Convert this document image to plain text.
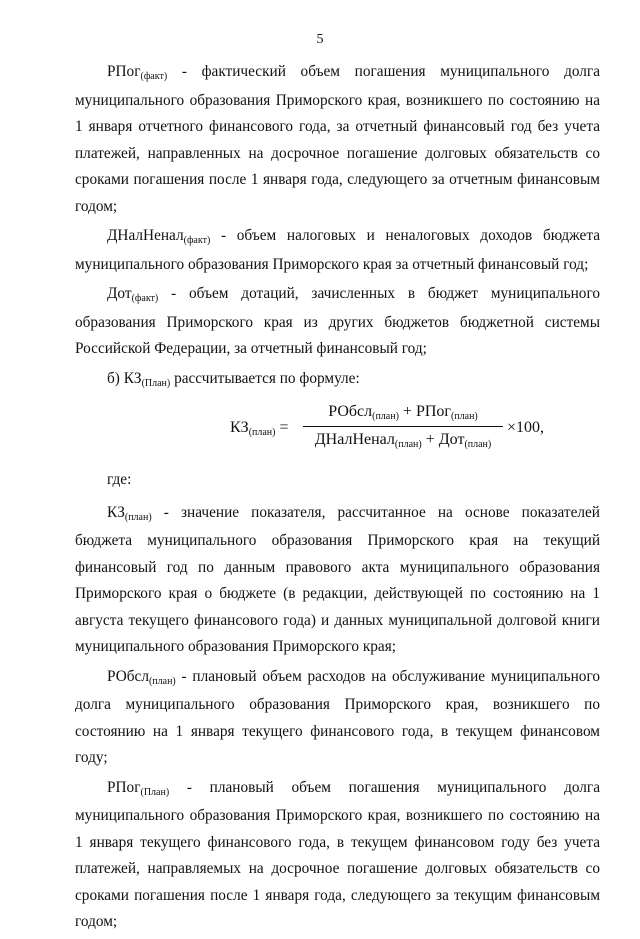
5

РПог(факт) - фактический объем погашения муниципального долга муниципального образования Приморского края, возникшего по состоянию на 1 января отчетного финансового года, за отчетный финансовый год без учета платежей, направленных на досрочное погашение долговых обязательств со сроками погашения после 1 января года, следующего за отчетным финансовым годом;

ДНалНенал(факт) - объем налоговых и неналоговых доходов бюджета муниципального образования Приморского края за отчетный финансовый год;

Дот(факт) - объем дотаций, зачисленных в бюджет муниципального образования Приморского края из других бюджетов бюджетной системы Российской Федерации, за отчетный финансовый год;

б) КЗ(План) рассчитывается по формуле:

КЗ(план) =
РОбсл(план) + РПог(план)
ДНалНенал(план) + Дот(план)
×100,

где:

КЗ(план) - значение показателя, рассчитанное на основе показателей бюджета муниципального образования Приморского края на текущий финансовый год по данным правового акта муниципального образования Приморского края о бюджете (в редакции, действующей по состоянию на 1 августа текущего финансового года) и данных муниципальной долговой книги муниципального образования Приморского края;

РОбсл(план) - плановый объем расходов на обслуживание муниципального долга муниципального образования Приморского края, возникшего по состоянию на 1 января текущего финансового года, в текущем финансовом году;

РПог(План) - плановый объем погашения муниципального долга муниципального образования Приморского края, возникшего по состоянию на 1 января текущего финансового года, в текущем финансовом году без учета платежей, направляемых на досрочное погашение долговых обязательств со сроками погашения после 1 января года, следующего за текущим финансовым годом;
